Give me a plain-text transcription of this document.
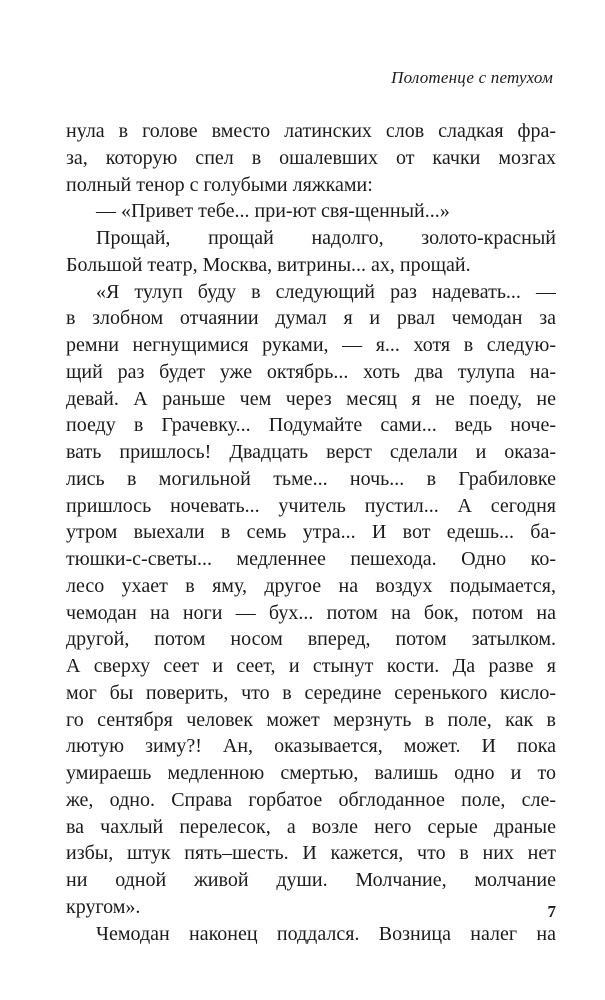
Полотенце с петухом
нула в голове вместо латинских слов сладкая фра-
за, которую спел в ошалевших от качки мозгах
полный тенор с голубыми ляжками:
— «Привет тебе... при-ют свя-щенный...»
Прощай, прощай надолго, золото-красный
Большой театр, Москва, витрины... ах, прощай.
«Я тулуп буду в следующий раз надевать... —
в злобном отчаянии думал я и рвал чемодан за
ремни негнущимися руками, — я... хотя в следую-
щий раз будет уже октябрь... хоть два тулупа на-
девай. А раньше чем через месяц я не поеду, не
поеду в Грачевку... Подумайте сами... ведь ноче-
вать пришлось! Двадцать верст сделали и оказа-
лись в могильной тьме... ночь... в Грабиловке
пришлось ночевать... учитель пустил... А сегодня
утром выехали в семь утра... И вот едешь... ба-
тюшки-с-светы... медленнее пешехода. Одно ко-
лесо ухает в яму, другое на воздух подымается,
чемодан на ноги — бух... потом на бок, потом на
другой, потом носом вперед, потом затылком.
А сверху сеет и сеет, и стынут кости. Да разве я
мог бы поверить, что в середине серенького кисло-
го сентября человек может мерзнуть в поле, как в
лютую зиму?! Ан, оказывается, может. И пока
умираешь медленною смертью, валишь одно и то
же, одно. Справа горбатое обглоданное поле, сле-
ва чахлый перелесок, а возле него серые драные
избы, штук пять–шесть. И кажется, что в них нет
ни одной живой души. Молчание, молчание
кругом».
Чемодан наконец поддался. Возница налег на
7
